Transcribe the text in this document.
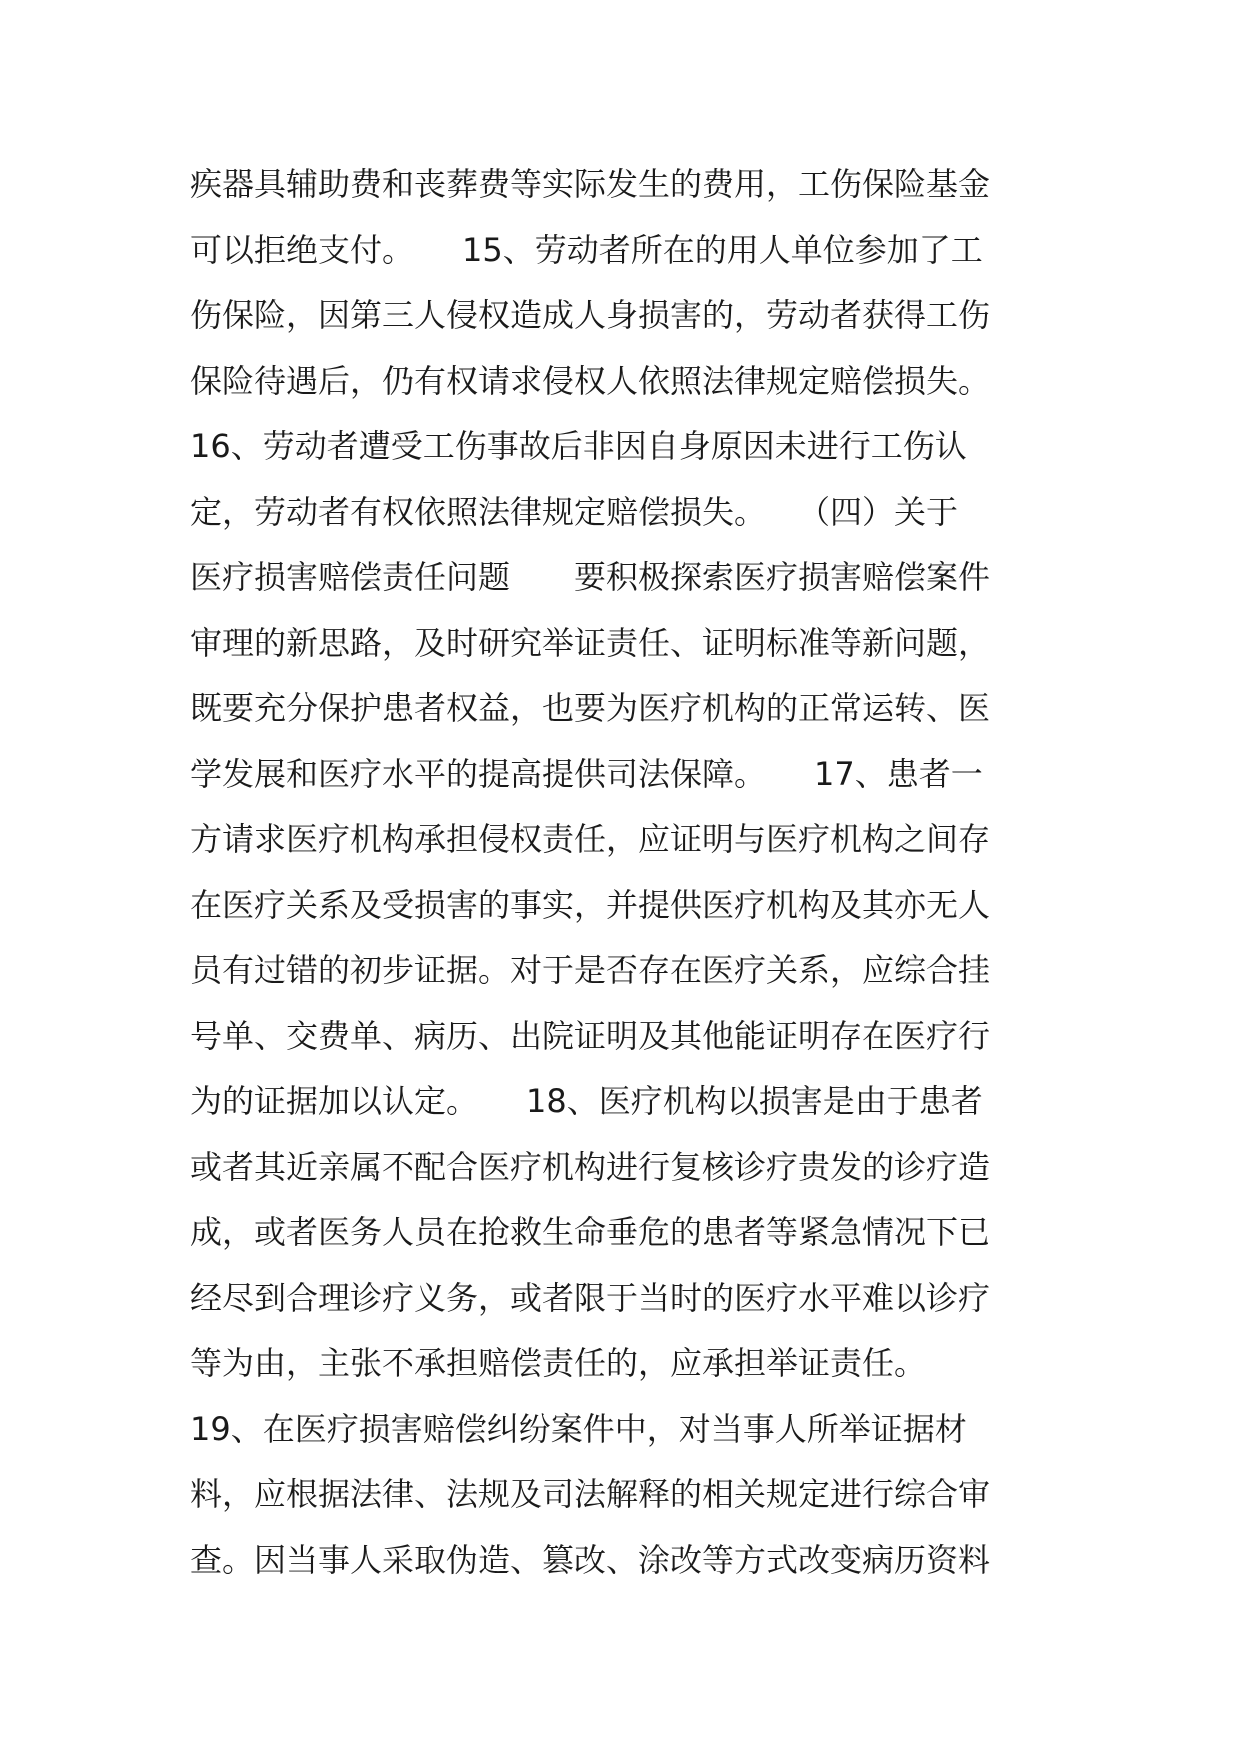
疾器具辅助费和丧葬费等实际发生的费用，工伤保险基金
可以拒绝支付。　　15、劳动者所在的用人单位参加了工
伤保险，因第三人侵权造成人身损害的，劳动者获得工伤
保险待遇后，仍有权请求侵权人依照法律规定赔偿损失。
16、劳动者遭受工伤事故后非因自身原因未进行工伤认
定，劳动者有权依照法律规定赔偿损失。　　（四）关于
医疗损害赔偿责任问题　　要积极探索医疗损害赔偿案件
审理的新思路，及时研究举证责任、证明标准等新问题，
既要充分保护患者权益，也要为医疗机构的正常运转、医
学发展和医疗水平的提高提供司法保障。　　17、患者一
方请求医疗机构承担侵权责任，应证明与医疗机构之间存
在医疗关系及受损害的事实，并提供医疗机构及其亦无人
员有过错的初步证据。对于是否存在医疗关系，应综合挂
号单、交费单、病历、出院证明及其他能证明存在医疗行
为的证据加以认定。　　18、医疗机构以损害是由于患者
或者其近亲属不配合医疗机构进行复核诊疗贵发的诊疗造
成，或者医务人员在抢救生命垂危的患者等紧急情况下已
经尽到合理诊疗义务，或者限于当时的医疗水平难以诊疗
等为由，主张不承担赔偿责任的，应承担举证责任。
19、在医疗损害赔偿纠纷案件中，对当事人所举证据材
料，应根据法律、法规及司法解释的相关规定进行综合审
查。因当事人采取伪造、篡改、涂改等方式改变病历资料
